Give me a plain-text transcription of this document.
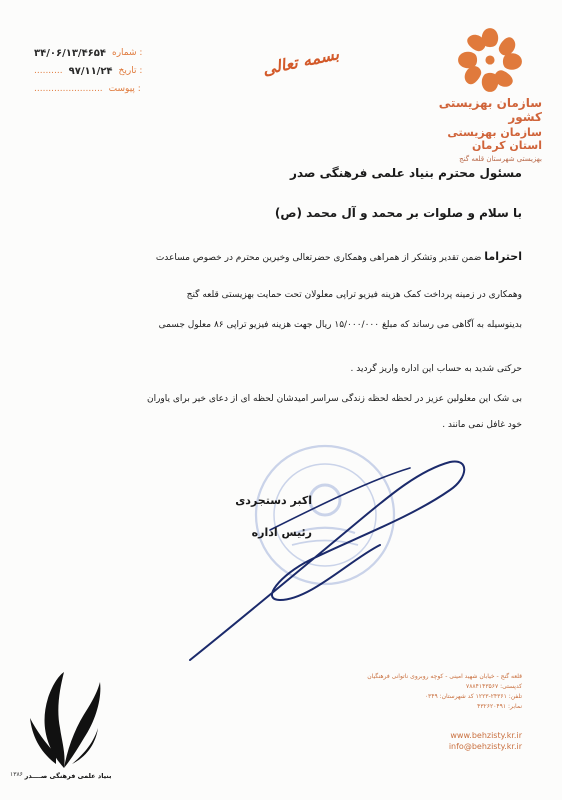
: شماره
۳۴/۰۶/۱۳/۴۶۵۴
: تاریخ
۹۷/۱۱/۲۴
..........
: پیوست
........................
بسمه تعالی
سازمان بهزیستی کشور
سازمان بهزیستی استان کرمان
بهزیستی شهرستان قلعه گنج
مسئول محترم بنیاد علمی فرهنگی صدر
با سلام و صلوات بر محمد و آل محمد (ص)
احتراما ضمن تقدیر وتشکر از همراهی وهمکاری حضرتعالی وخیرین محترم در خصوص مساعدت
وهمکاری در زمینه پرداخت کمک هزینه فیزیو تراپی معلولان تحت حمایت بهزیستی قلعه گنج
بدینوسیله به آگاهی می رساند که مبلغ ۱۵/۰۰۰/۰۰۰ ریال جهت هزینه فیزیو تراپی ۸۶ معلول جسمی
حرکتی شدید به حساب این اداره واریز گردید .
بی شک این معلولین عزیز در لحظه لحظه زندگی سراسر امیدشان لحظه ای از دعای خیر برای یاوران
خود غافل نمی مانند .
اکبر دستجردی
رئیس اداره
قلعه گنج - خیابان شهید امینی - کوچه روبروی ناتوانی فرهنگیان
کدپستی: ۷۸۸۴۱۴۳۵۶۷
تلفن: ۲۴۳۶۱-۱۲۲۳ کد شهرستان: ۰۳۴۹
نمابر: ۴۳۲۶۲۰۴۹۱
www.behzisty.kr.ir
info@behzisty.kr.ir
بنیاد علمی فرهنگی صــــدر
۱۳۸۶
